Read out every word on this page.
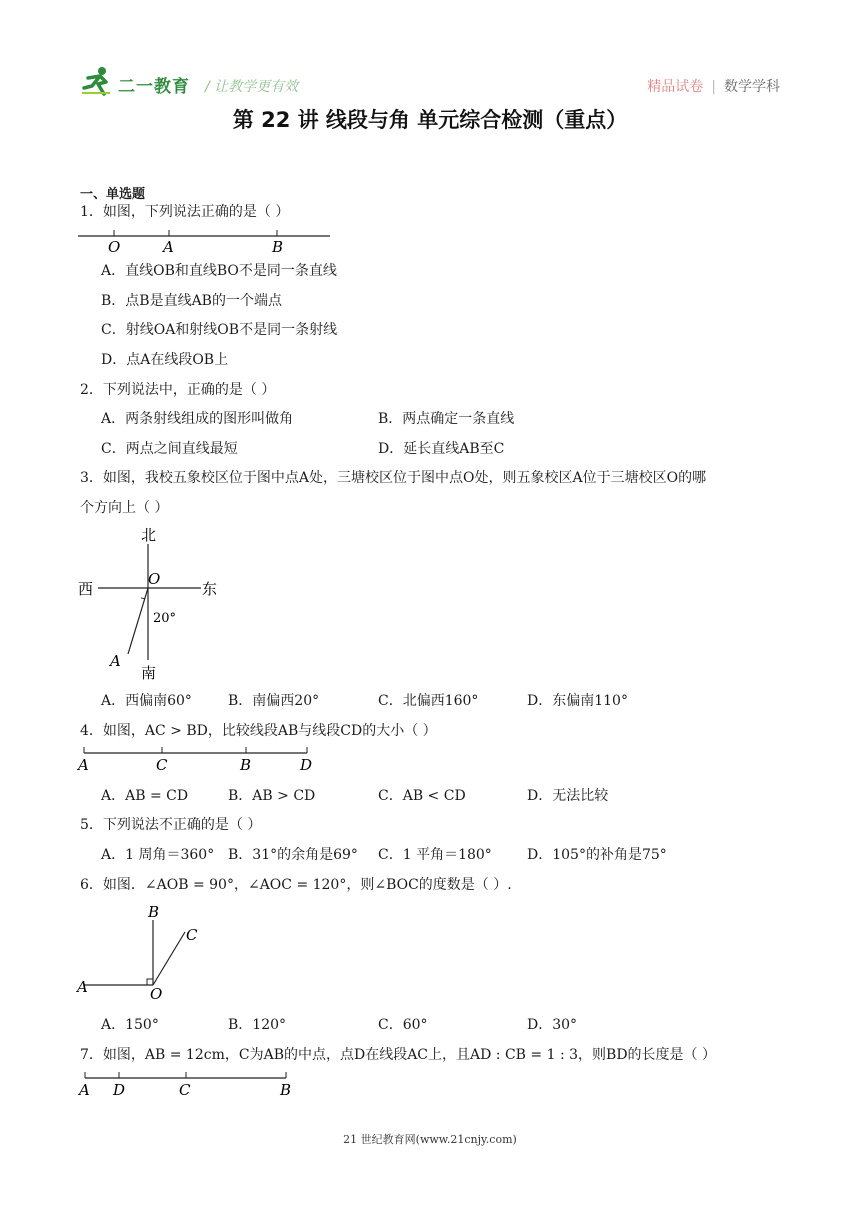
二一教育 / 让教学更有效	精品试卷 | 数学学科
第 22 讲 线段与角 单元综合检测（重点）
一、单选题
1．如图，下列说法正确的是（ ）
O	A	B
A．直线OB和直线BO不是同一条直线
B．点B是直线AB的一个端点
C．射线OA和射线OB不是同一条射线
D．点A在线段OB上
2．下列说法中，正确的是（ ）
A．两条射线组成的图形叫做角	B．两点确定一条直线
C．两点之间直线最短	D．延长直线AB至C
3．如图，我校五象校区位于图中点A处，三塘校区位于图中点O处，则五象校区A位于三塘校区O的哪
个方向上（ ）
北
西
O
东
20°
A
南
A．西偏南60°	B．南偏西20°	C．北偏西160°	D．东偏南110°
4．如图，AC > BD，比较线段AB与线段CD的大小（ ）
A	C	B	D
A．AB = CD	B．AB > CD	C．AB < CD	D．无法比较
5．下列说法不正确的是（ ）
A．1 周角＝360° B．31°的余角是69° C．1 平角＝180°	D．105°的补角是75°
6．如图．∠AOB = 90°，∠AOC = 120°，则∠BOC的度数是（ ）.
B
C
A	O
A．150°	B．120°	C．60°	D．30°
7．如图，AB = 12cm，C为AB的中点，点D在线段AC上，且AD : CB = 1 : 3，则BD的长度是（ ）
A D	C	B
21 世纪教育网(www.21cnjy.com)
